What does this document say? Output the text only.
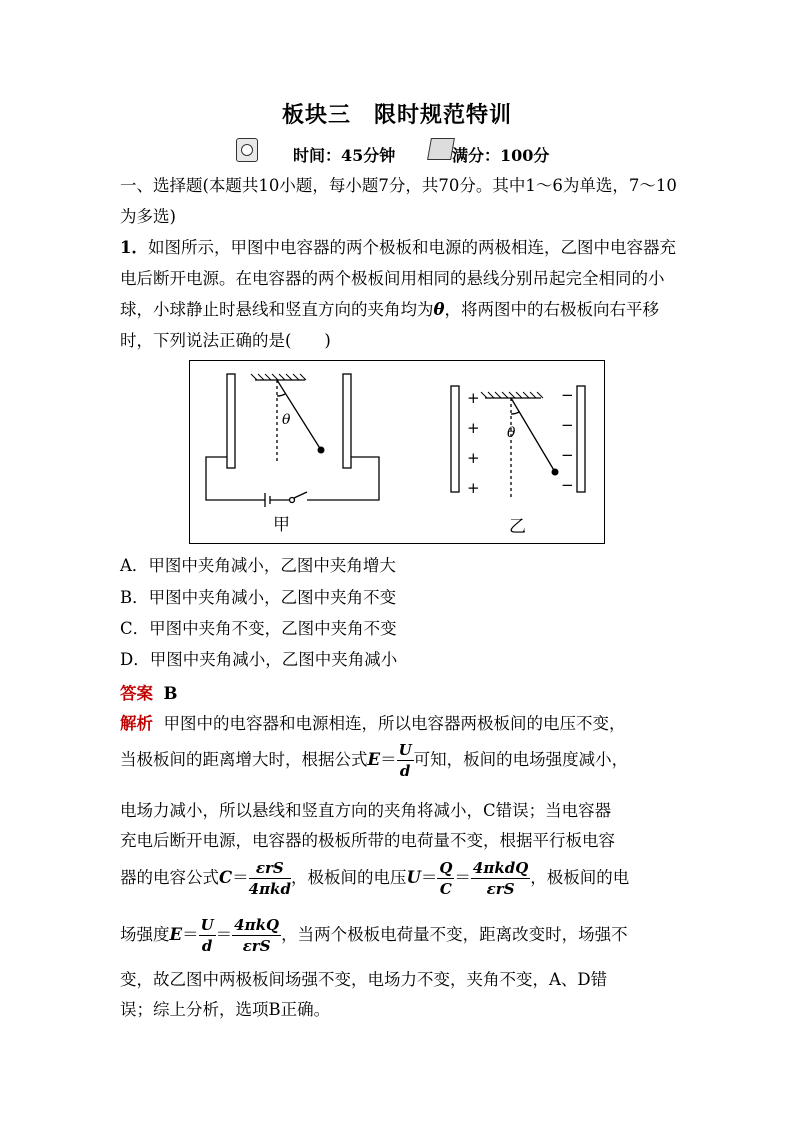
板块三　限时规范特训
时间：45分钟	满分：100分
一、选择题(本题共10小题，每小题7分，共70分。其中1～6为单选，7～10为多选)
1．如图所示，甲图中电容器的两个极板和电源的两极相连，乙图中电容器充电后断开电源。在电容器的两个极板间用相同的悬线分别吊起完全相同的小球，小球静止时悬线和竖直方向的夹角均为θ，将两图中的右极板向右平移时，下列说法正确的是(　　)
θ
甲
θ
+
+
+
+
−
−
−
−
乙
A．甲图中夹角减小，乙图中夹角增大
B．甲图中夹角减小，乙图中夹角不变
C．甲图中夹角不变，乙图中夹角不变
D．甲图中夹角减小，乙图中夹角减小
答案 B
解析 甲图中的电容器和电源相连，所以电容器两极板间的电压不变，
当极板间的距离增大时，根据公式$E= \frac{U}{d}$ 可知，板间的电场强度减小，
电场力减小，所以悬线和竖直方向的夹角将减小，C错误；当电容器
充电后断开电源，电容器的极板所带的电荷量不变，根据平行板电容
器的电容公式$C= \frac{\text{εrS}}{\text{4πkd}}$ ，极板间的电压$U= \frac{Q}{C} = \frac{\text{4πkdQ}}{\text{εrS}}$ ，极板间的电
场强度$E= \frac{U}{d} = \frac{\text{4πkQ}}{\text{εrS}}$ ，当两个极板电荷量不变，距离改变时，场强不
变，故乙图中两极板间场强不变，电场力不变，夹角不变，A、D错
误；综上分析，选项B正确。
